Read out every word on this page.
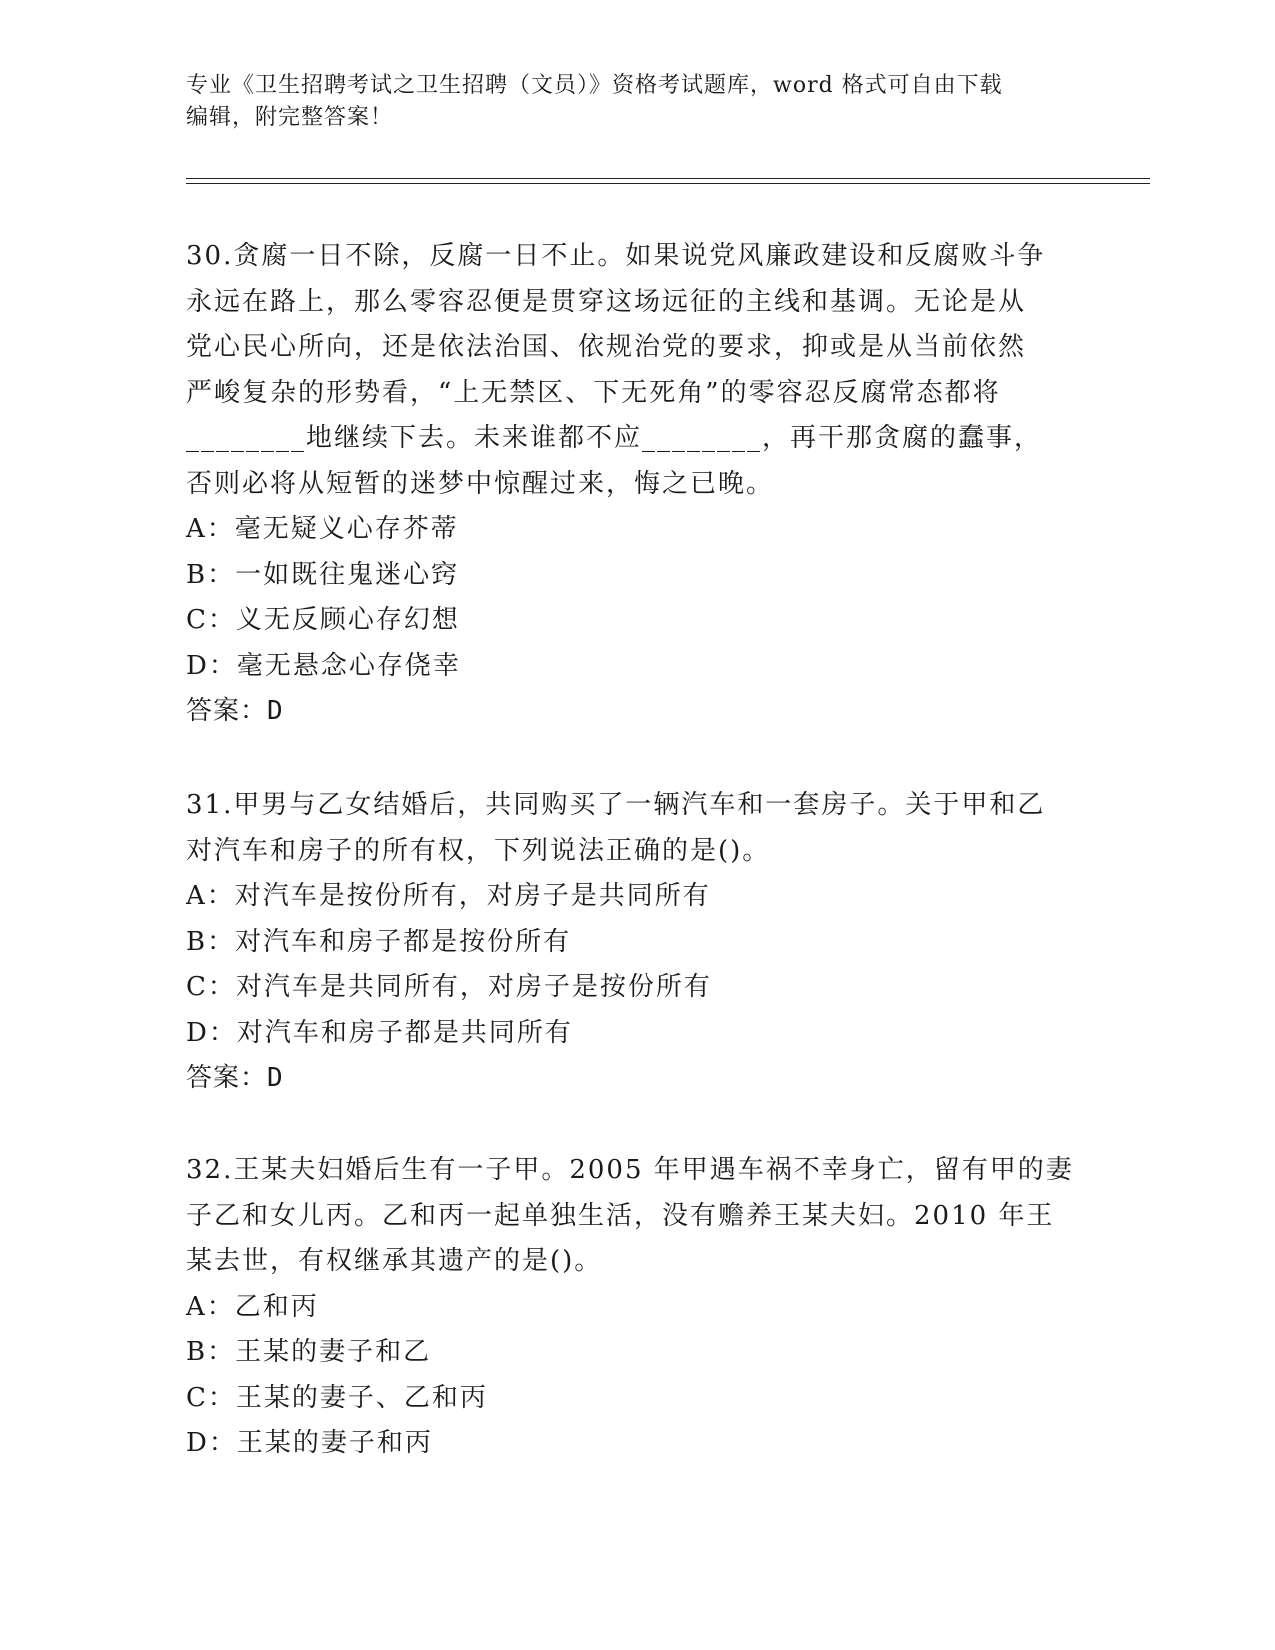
专业《卫生招聘考试之卫生招聘（文员）》资格考试题库，word 格式可自由下载
编辑，附完整答案！
30.贪腐一日不除，反腐一日不止。如果说党风廉政建设和反腐败斗争
永远在路上，那么零容忍便是贯穿这场远征的主线和基调。无论是从
党心民心所向，还是依法治国、依规治党的要求，抑或是从当前依然
严峻复杂的形势看，“上无禁区、下无死角”的零容忍反腐常态都将
________地继续下去。未来谁都不应________，再干那贪腐的蠢事，
否则必将从短暂的迷梦中惊醒过来，悔之已晚。
A：毫无疑义心存芥蒂
B：一如既往鬼迷心窍
C：义无反顾心存幻想
D：毫无悬念心存侥幸
答案：D
31.甲男与乙女结婚后，共同购买了一辆汽车和一套房子。关于甲和乙
对汽车和房子的所有权，下列说法正确的是()。
A：对汽车是按份所有，对房子是共同所有
B：对汽车和房子都是按份所有
C：对汽车是共同所有，对房子是按份所有
D：对汽车和房子都是共同所有
答案：D
32.王某夫妇婚后生有一子甲。2005 年甲遇车祸不幸身亡，留有甲的妻
子乙和女儿丙。乙和丙一起单独生活，没有赡养王某夫妇。2010 年王
某去世，有权继承其遗产的是()。
A：乙和丙
B：王某的妻子和乙
C：王某的妻子、乙和丙
D：王某的妻子和丙
